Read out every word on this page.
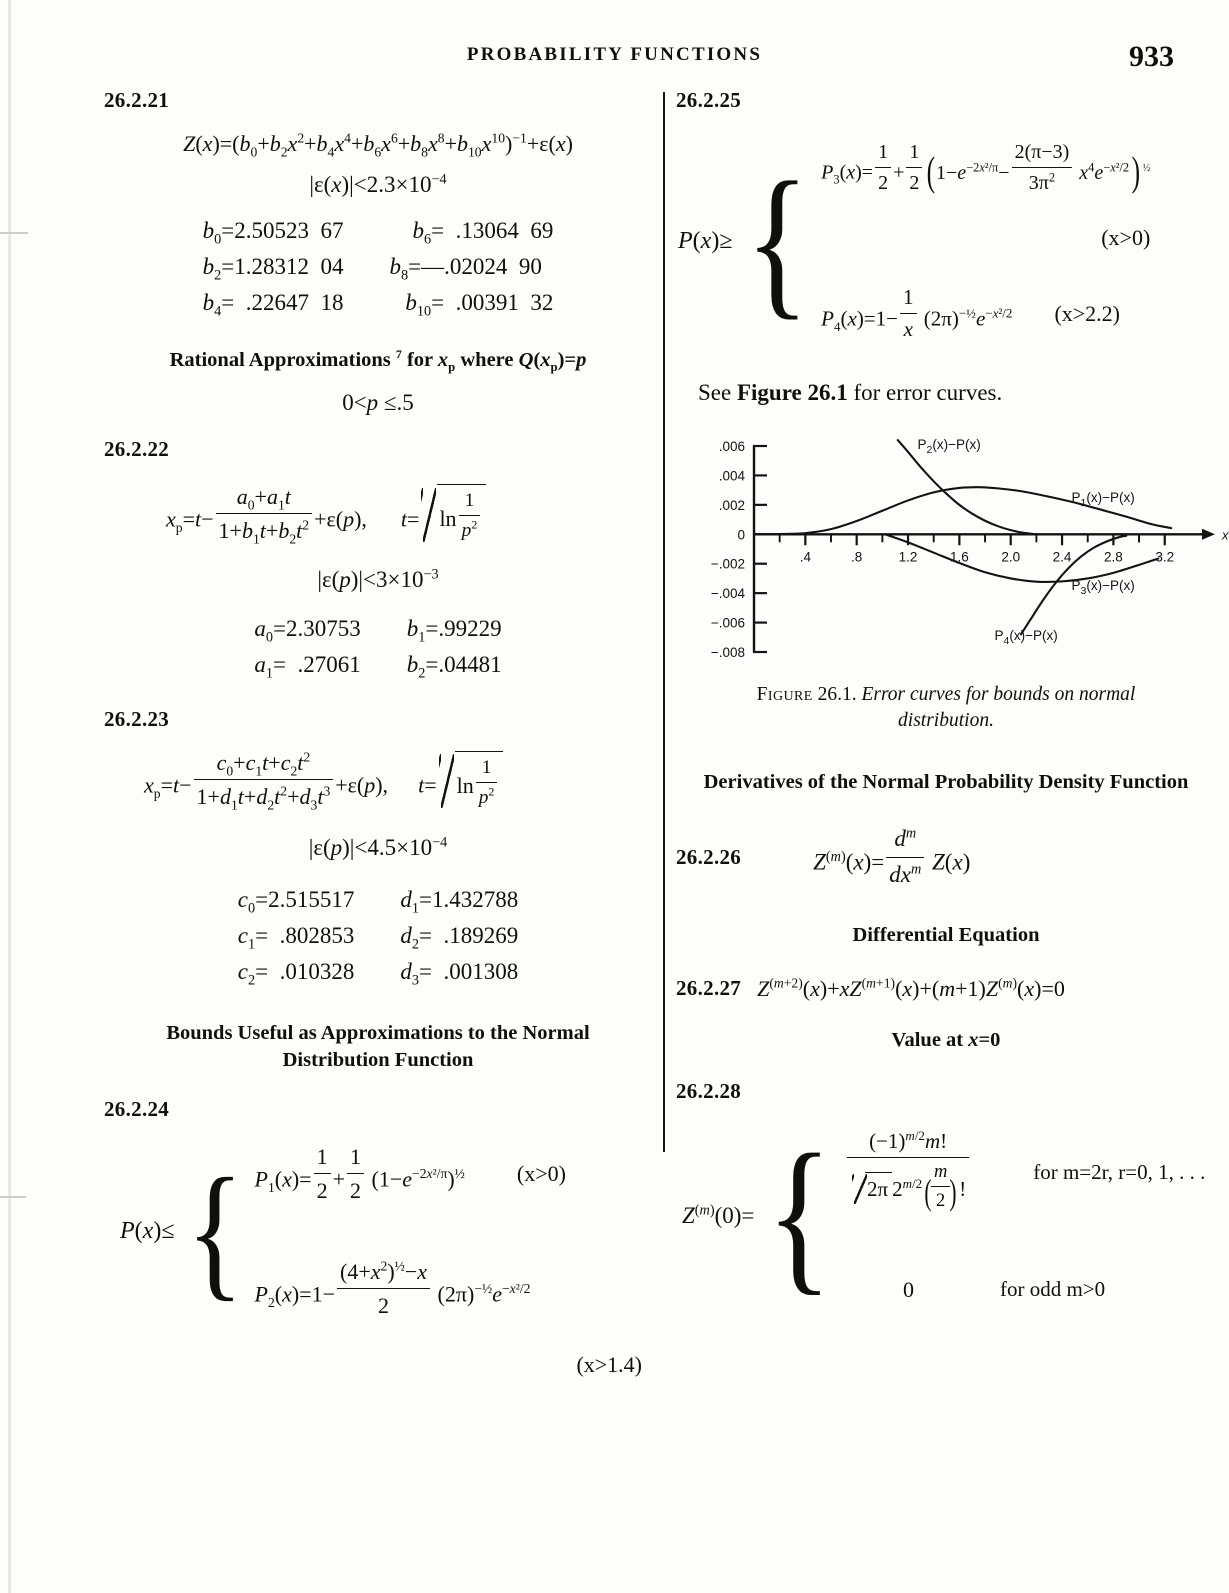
PROBABILITY FUNCTIONS	933
26.2.21
$Z(x)=(b_0+b_2x^2+b_4x^4+b_6x^6+b_8x^8+b_{10}x^{10})^{-1}+\varepsilon(x)$
$|\varepsilon(x)|<2.3\times 10^{-4}$
$b_0=$	2.50523  67	$b_6=$	.13064  69
$b_2=$	1.28312  04	$b_8=—$	.02024  90
$b_4=$	.22647  18	$b_{10}=$	.00391  32
Rational Approximations $^7$ for $x_p$ where $Q(x_p)=p$
0<p ≤.5
26.2.22
$x_p=t- \frac{a_0+a_1t}{1+b_1t+b_2t^2} +\varepsilon(p)$, $t= \ln \frac{1}{p^2}$
$|\varepsilon(p)|<3\times 10^{-3}$
$a_0=$	2.30753	$b_1=$	.99229
$a_1=$	.27061	$b_2=$	.04481
26.2.23
$x_p=t- \frac{c_0+c_1t+c_2t^2}{1+d_1t+d_2t^2+d_3t^3} +\varepsilon(p)$, $t= \ln \frac{1}{p^2}$
$|\varepsilon(p)|<4.5\times 10^{-4}$
$c_0=$	2.515517	$d_1=$	1.432788
$c_1=$	.802853	$d_2=$	.189269
$c_2=$	.010328	$d_3=$	.001308
Bounds Useful as Approximations to the Normal
Distribution Function
26.2.24
P(x)≤ { $P_1(x)= \frac{1}{2} + \frac{1}{2} (1-e^{-2x^2/\pi})^{\frac{1}{2}}$	(x>0)
$P_2(x)=1- \frac{(4+x^2)^{\frac{1}{2}}-x}{2} (2\pi)^{-\frac{1}{2}}e^{-x^2/2}$
(x>1.4)
26.2.25
P(x)≥ { $P_3(x)= \frac{1}{2} + \frac{1}{2} (1-e^{-2x^2/\pi}- \frac{2(\pi-3)}{3\pi^2} x^4e^{-x^2/2})$ $^{\frac{1}{2}}$
(x>0)
$P_4(x)=1- \frac{1}{x} (2\pi)^{-\frac{1}{2}}e^{-x^2/2}$	(x>2.2)
See Figure 26.1 for error curves.
x
.006
.004
.002
0
−.002
−.004
−.006
−.008
.4	.8	1.2 1.6 2.0 2.4 2.8 3.2
$P_1(x)-P(x)$
$P_2(x)-P(x)$
$P_3(x)-P(x)$
$P_4(x)-P(x)$
Figure 26.1. Error curves for bounds on normal
distribution.
Derivatives of the Normal Probability Density Function
26.2.26	$Z^{(m)}(x)= \frac{d^m}{dx^m} Z(x)$
Differential Equation
26.2.27 $Z^{(m+2)}(x)+xZ^{(m+1)}(x)+(m+1)Z^{(m)}(x)=0$
Value at x=0
26.2.28
$Z^{(m)}(0)=$ { $\frac{(-1)^{m/2}m!}{2\pi 2^{m/2}( \frac{m}{2} ) !}$	for m=2r, r=0, 1, . . .
0	for odd m>0
